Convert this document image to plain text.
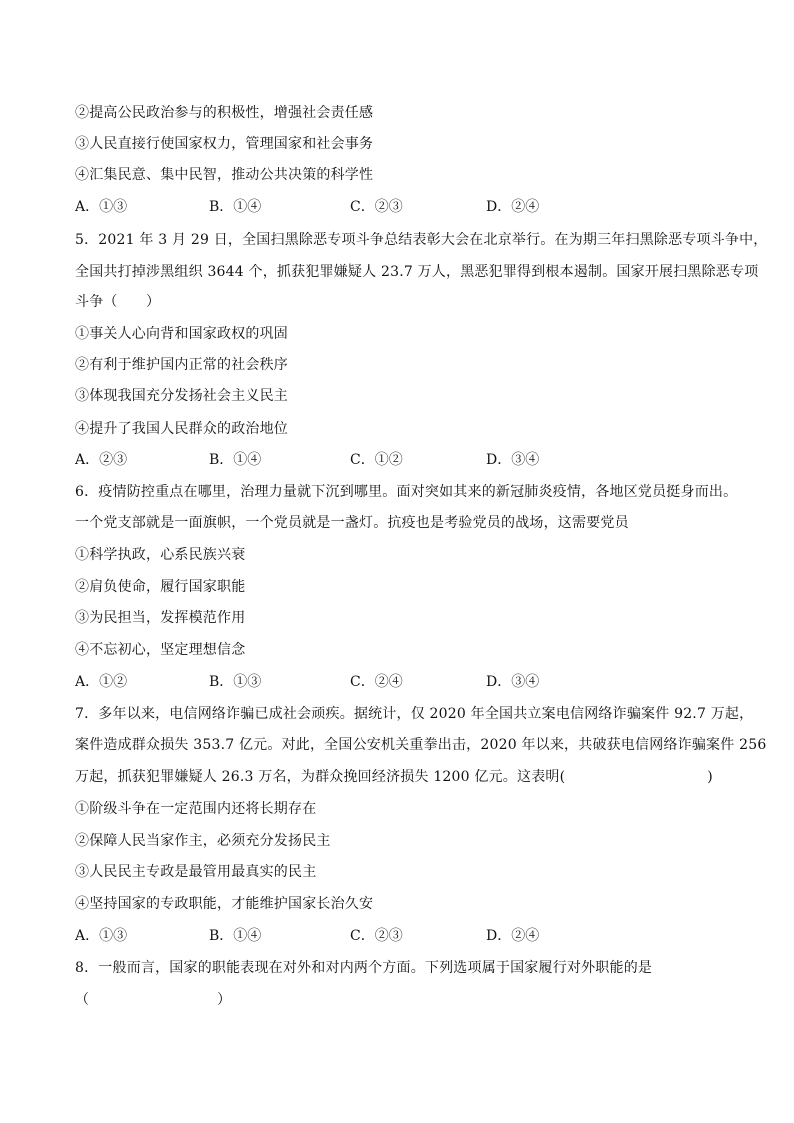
②提高公民政治参与的积极性，增强社会责任感
③人民直接行使国家权力，管理国家和社会事务
④汇集民意、集中民智，推动公共决策的科学性
A．①③	B．①④	C．②③	D．②④
5．2021 年 3 月 29 日，全国扫黑除恶专项斗争总结表彰大会在北京举行。在为期三年扫黑除恶专项斗争中，
全国共打掉涉黑组织 3644 个，抓获犯罪嫌疑人 23.7 万人，黑恶犯罪得到根本遏制。国家开展扫黑除恶专项
斗争（　　）
①事关人心向背和国家政权的巩固
②有利于维护国内正常的社会秩序
③体现我国充分发扬社会主义民主
④提升了我国人民群众的政治地位
A．②③	B．①④	C．①②	D．③④
6．疫情防控重点在哪里，治理力量就下沉到哪里。面对突如其来的新冠肺炎疫情，各地区党员挺身而出。
一个党支部就是一面旗帜，一个党员就是一盏灯。抗疫也是考验党员的战场，这需要党员
①科学执政，心系民族兴衰
②肩负使命，履行国家职能
③为民担当，发挥模范作用
④不忘初心，坚定理想信念
A．①②	B．①③	C．②④	D．③④
7．多年以来，电信网络诈骗已成社会顽疾。据统计，仅 2020 年全国共立案电信网络诈骗案件 92.7 万起，
案件造成群众损失 353.7 亿元。对此，全国公安机关重拳出击，2020 年以来，共破获电信网络诈骗案件 256
万起，抓获犯罪嫌疑人 26.3 万名，为群众挽回经济损失 1200 亿元。这表明(　　　　　　　　　　)
①阶级斗争在一定范围内还将长期存在
②保障人民当家作主，必须充分发扬民主
③人民民主专政是最管用最真实的民主
④坚持国家的专政职能，才能维护国家长治久安
A．①③	B．①④	C．②③	D．②④
8．一般而言，国家的职能表现在对外和对内两个方面。下列选项属于国家履行对外职能的是
（　　　　　　　　　）
